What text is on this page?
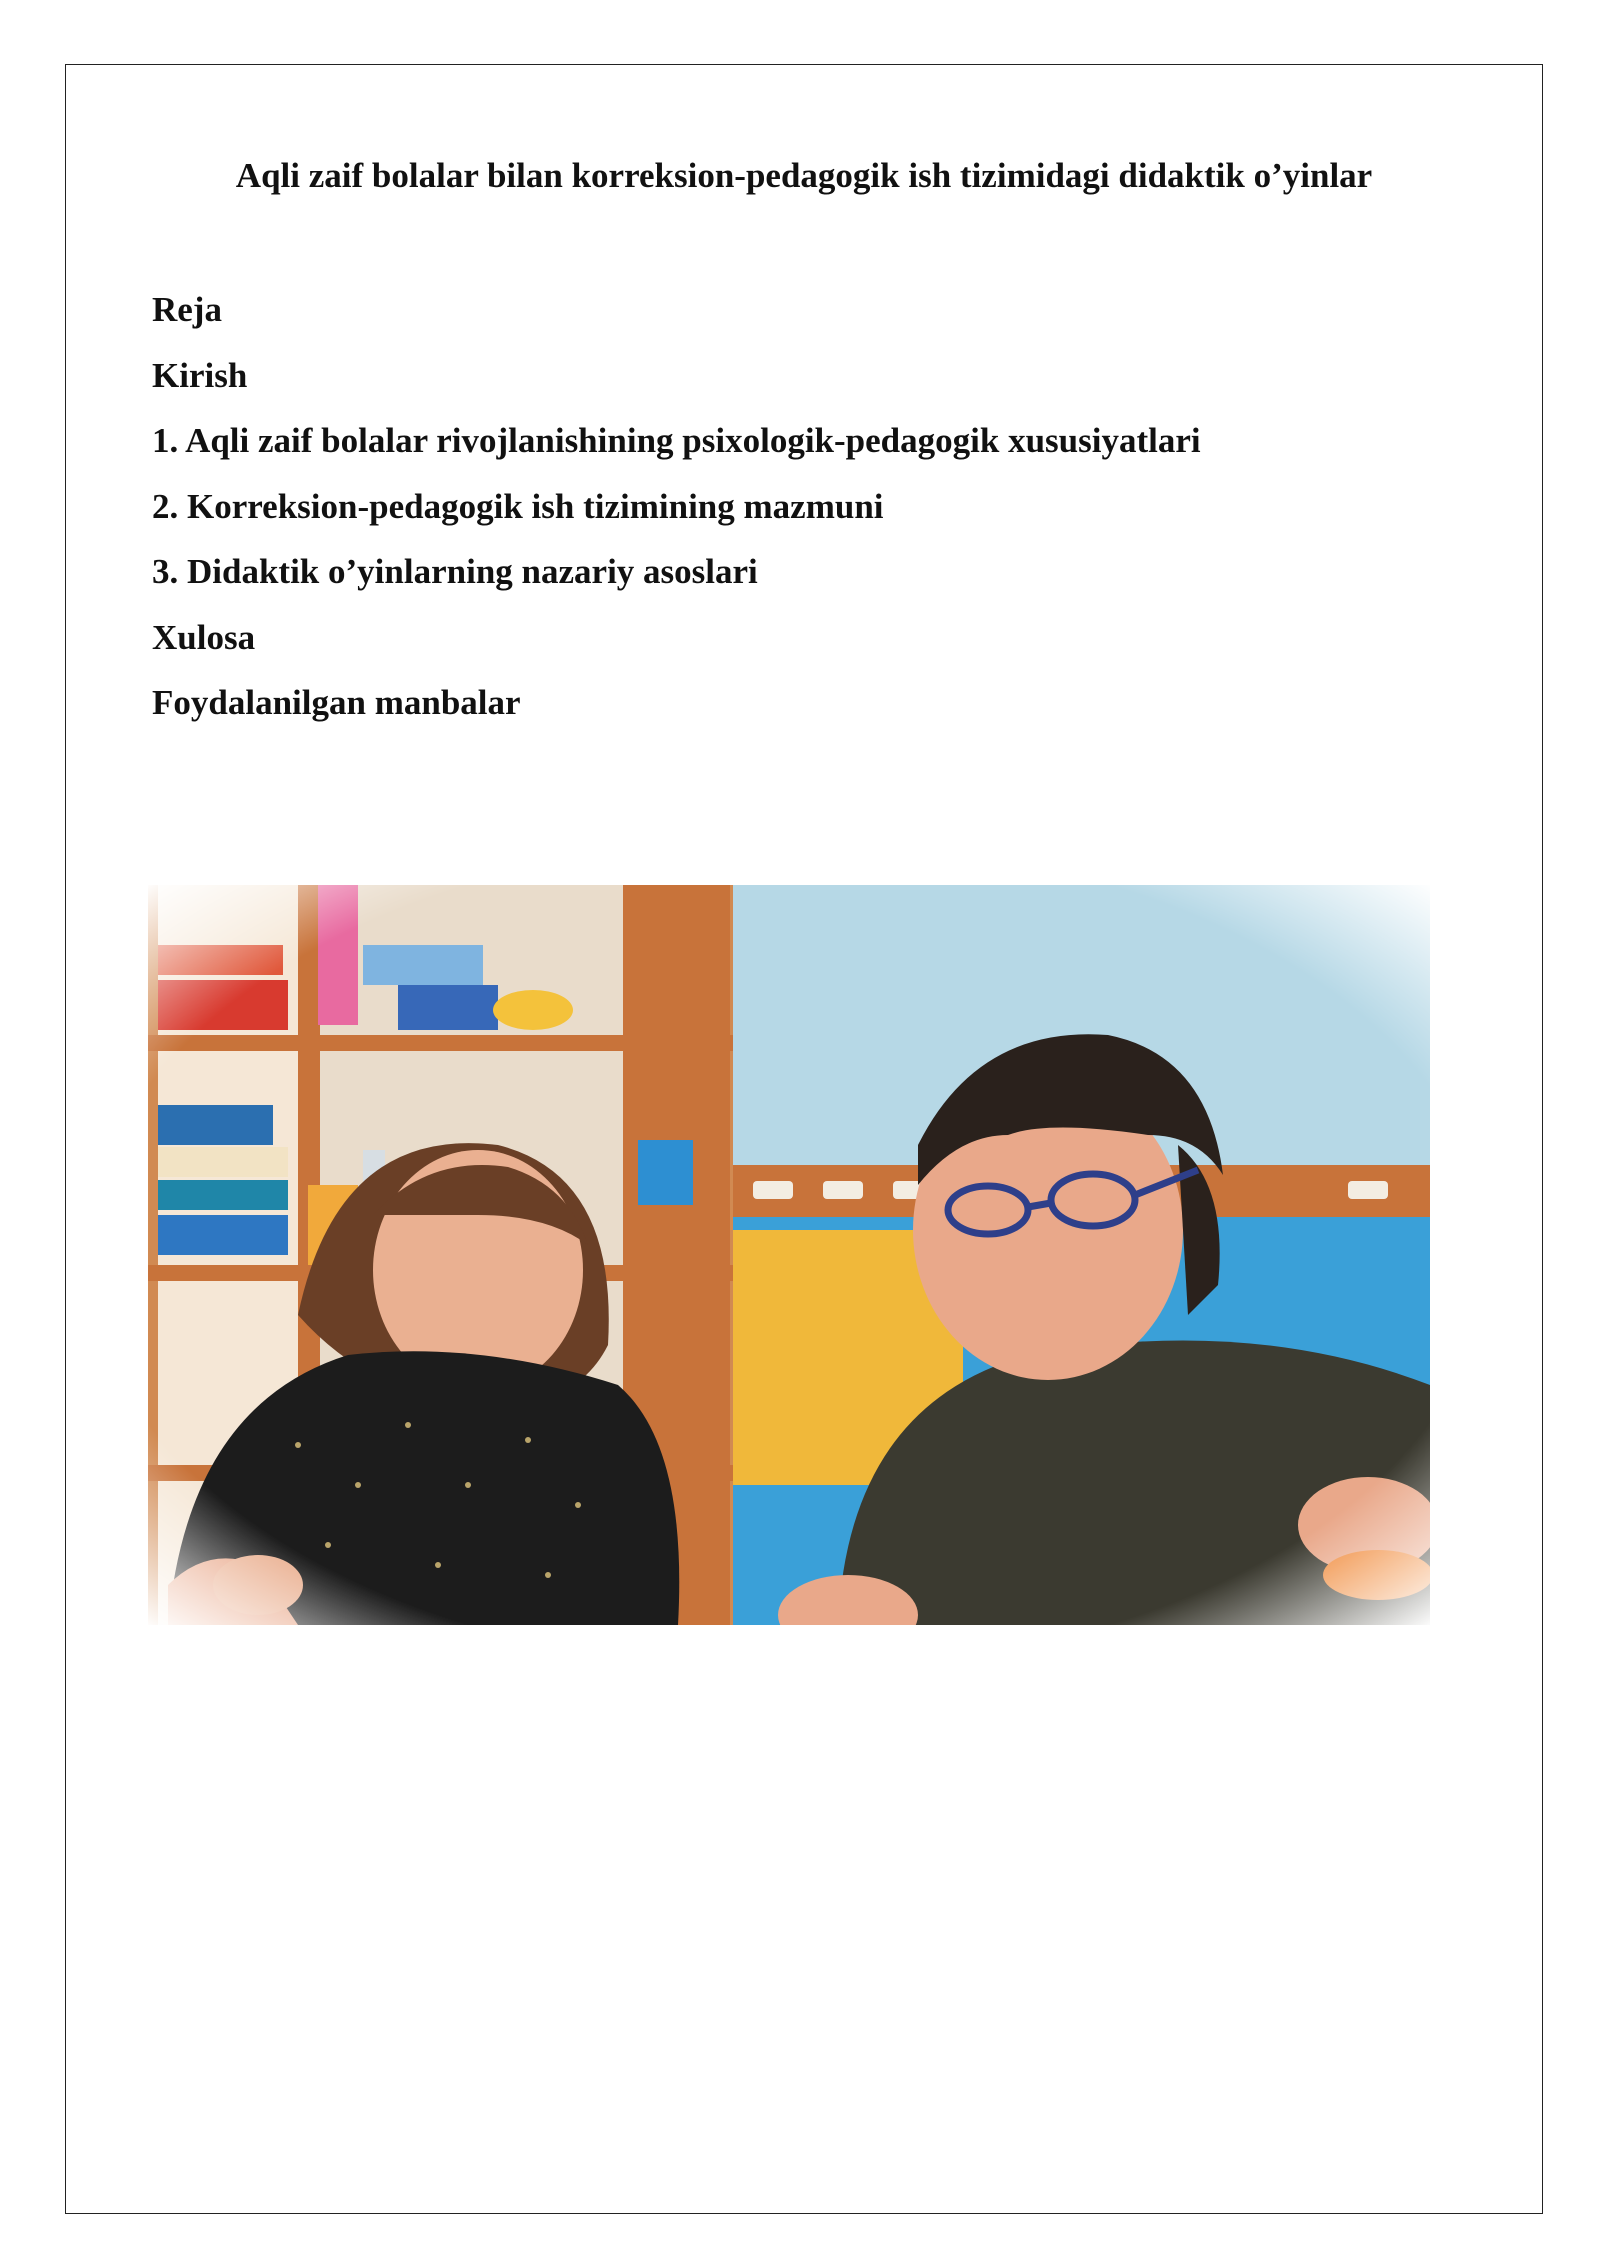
Aqli zaif bolalar bilan korreksion-pedagogik ish tizimidagi didaktik o’yinlar
Reja
Kirish
1. Aqli zaif bolalar rivojlanishining psixologik-pedagogik xususiyatlari
2. Korreksion-pedagogik ish tizimining mazmuni
3. Didaktik o’yinlarning nazariy asoslari
Xulosa
Foydalanilgan manbalar
